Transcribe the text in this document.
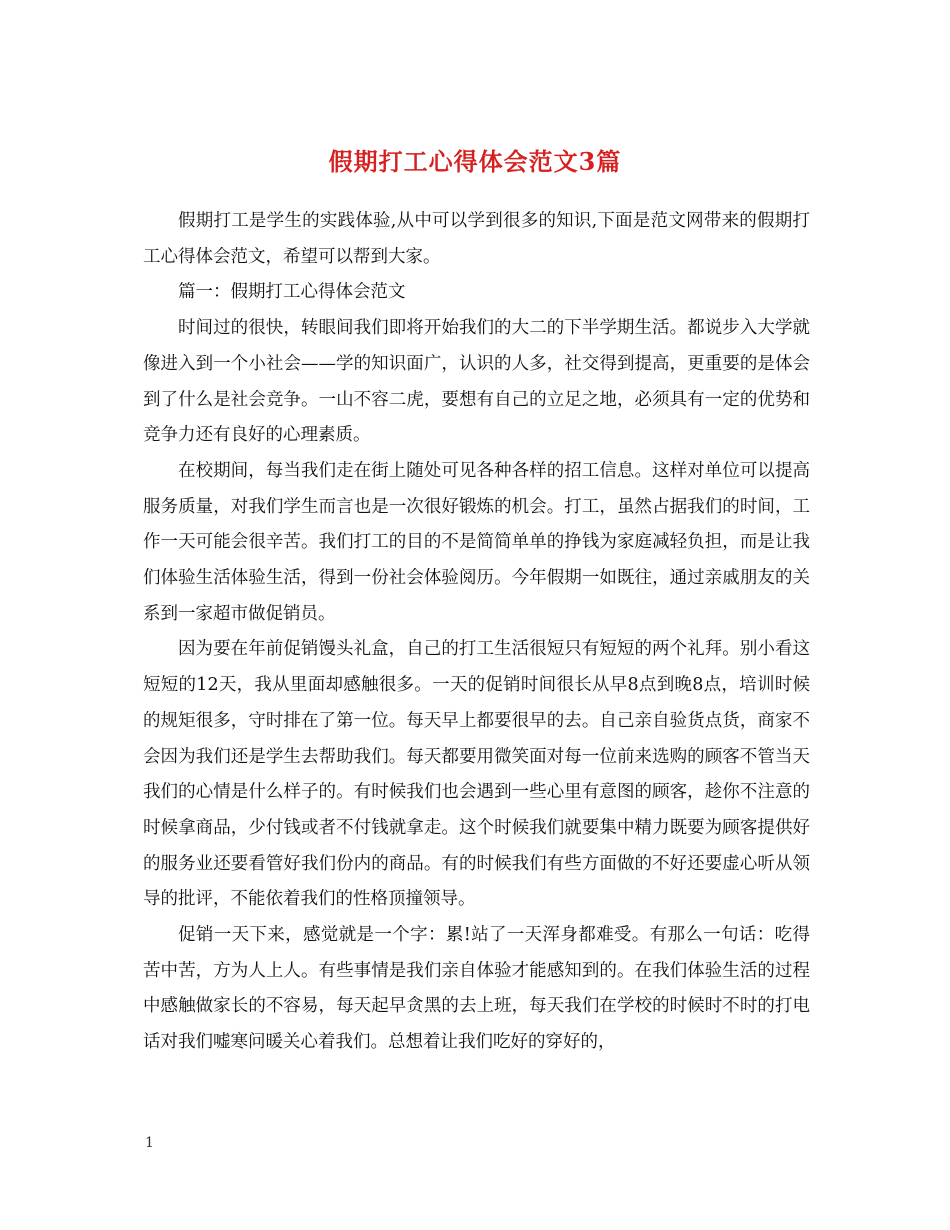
假期打工心得体会范文3篇

假期打工是学生的实践体验,从中可以学到很多的知识,下面是范文网带来的假期打工心得体会范文，希望可以帮到大家。

篇一：假期打工心得体会范文

时间过的很快，转眼间我们即将开始我们的大二的下半学期生活。都说步入大学就像进入到一个小社会——学的知识面广，认识的人多，社交得到提高，更重要的是体会到了什么是社会竞争。一山不容二虎，要想有自己的立足之地，必须具有一定的优势和竞争力还有良好的心理素质。

在校期间，每当我们走在街上随处可见各种各样的招工信息。这样对单位可以提高服务质量，对我们学生而言也是一次很好锻炼的机会。打工，虽然占据我们的时间，工作一天可能会很辛苦。我们打工的目的不是简简单单的挣钱为家庭减轻负担，而是让我们体验生活体验生活，得到一份社会体验阅历。今年假期一如既往，通过亲戚朋友的关系到一家超市做促销员。

因为要在年前促销馒头礼盒，自己的打工生活很短只有短短的两个礼拜。别小看这短短的12天，我从里面却感触很多。一天的促销时间很长从早8点到晚8点，培训时候的规矩很多，守时排在了第一位。每天早上都要很早的去。自己亲自验货点货，商家不会因为我们还是学生去帮助我们。每天都要用微笑面对每一位前来选购的顾客不管当天我们的心情是什么样子的。有时候我们也会遇到一些心里有意图的顾客，趁你不注意的时候拿商品，少付钱或者不付钱就拿走。这个时候我们就要集中精力既要为顾客提供好的服务业还要看管好我们份内的商品。有的时候我们有些方面做的不好还要虚心听从领导的批评，不能依着我们的性格顶撞领导。

促销一天下来，感觉就是一个字：累!站了一天浑身都难受。有那么一句话：吃得苦中苦，方为人上人。有些事情是我们亲自体验才能感知到的。在我们体验生活的过程中感触做家长的不容易，每天起早贪黑的去上班，每天我们在学校的时候时不时的打电话对我们嘘寒问暖关心着我们。总想着让我们吃好的穿好的，

1
